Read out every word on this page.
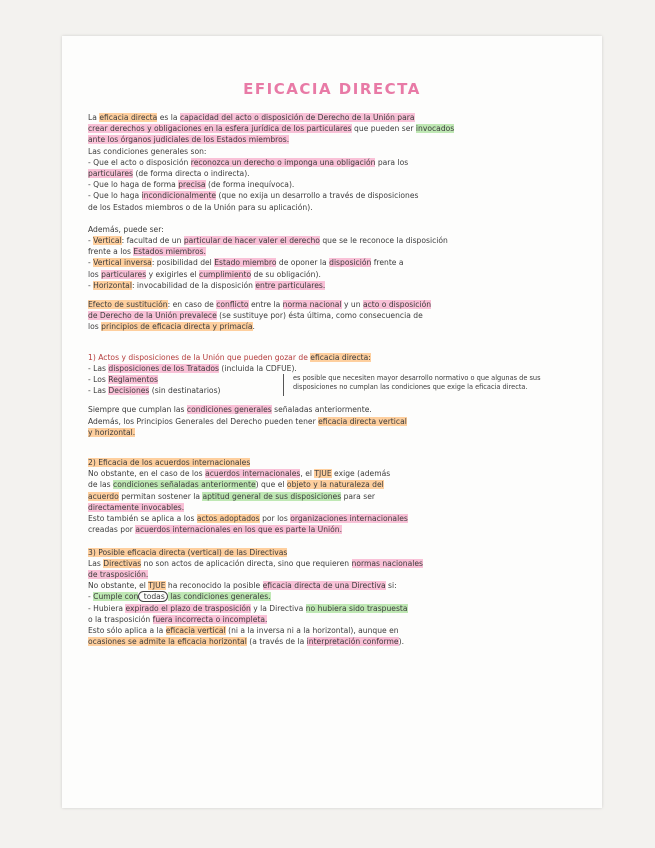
EFICACIA DIRECTA

La eficacia directa es la capacidad del acto o disposición de Derecho de la Unión para

crear derechos y obligaciones en la esfera jurídica de los particulares que pueden ser invocados

ante los órganos judiciales de los Estados miembros.

Las condiciones generales son:

- Que el acto o disposición reconozca un derecho o imponga una obligación para los

particulares (de forma directa o indirecta).

- Que lo haga de forma precisa (de forma inequívoca).

- Que lo haga incondicionalmente (que no exija un desarrollo a través de disposiciones

de los Estados miembros o de la Unión para su aplicación).

Además, puede ser:

- Vertical: facultad de un particular de hacer valer el derecho que se le reconoce la disposición

frente a los Estados miembros.

- Vertical inversa: posibilidad del Estado miembro de oponer la disposición frente a

los particulares y exigirles el cumplimiento de su obligación).

- Horizontal: invocabilidad de la disposición entre particulares.

Efecto de sustitución: en caso de conflicto entre la norma nacional y un acto o disposición

de Derecho de la Unión prevalece (se sustituye por) ésta última, como consecuencia de

los principios de eficacia directa y primacía.

1) Actos y disposiciones de la Unión que pueden gozar de eficacia directa:

- Las disposiciones de los Tratados (incluida la CDFUE).

- Los Reglamentos

- Las Decisiones (sin destinatarios)

es posible que necesiten mayor desarrollo normativo o que algunas de sus disposiciones no cumplan las condiciones que exige la eficacia directa.

Siempre que cumplan las condiciones generales señaladas anteriormente.

Además, los Principios Generales del Derecho pueden tener eficacia directa vertical

y horizontal.

2) Eficacia de los acuerdos internacionales

No obstante, en el caso de los acuerdos internacionales, el TJUE exige (además

de las condiciones señaladas anteriormente) que el objeto y la naturaleza del

acuerdo permitan sostener la aptitud general de sus disposiciones para ser

directamente invocables.

Esto también se aplica a los actos adoptados por los organizaciones internacionales

creadas por acuerdos internacionales en los que es parte la Unión.

3) Posible eficacia directa (vertical) de las Directivas

Las Directivas no son actos de aplicación directa, sino que requieren normas nacionales

de trasposición.

No obstante, el TJUE ha reconocido la posible eficacia directa de una Directiva si:

- Cumple con todas las condiciones generales.

- Hubiera expirado el plazo de trasposición y la Directiva no hubiera sido traspuesta

o la trasposición fuera incorrecta o incompleta.

Esto sólo aplica a la eficacia vertical (ni a la inversa ni a la horizontal), aunque en

ocasiones se admite la eficacia horizontal (a través de la interpretación conforme).
